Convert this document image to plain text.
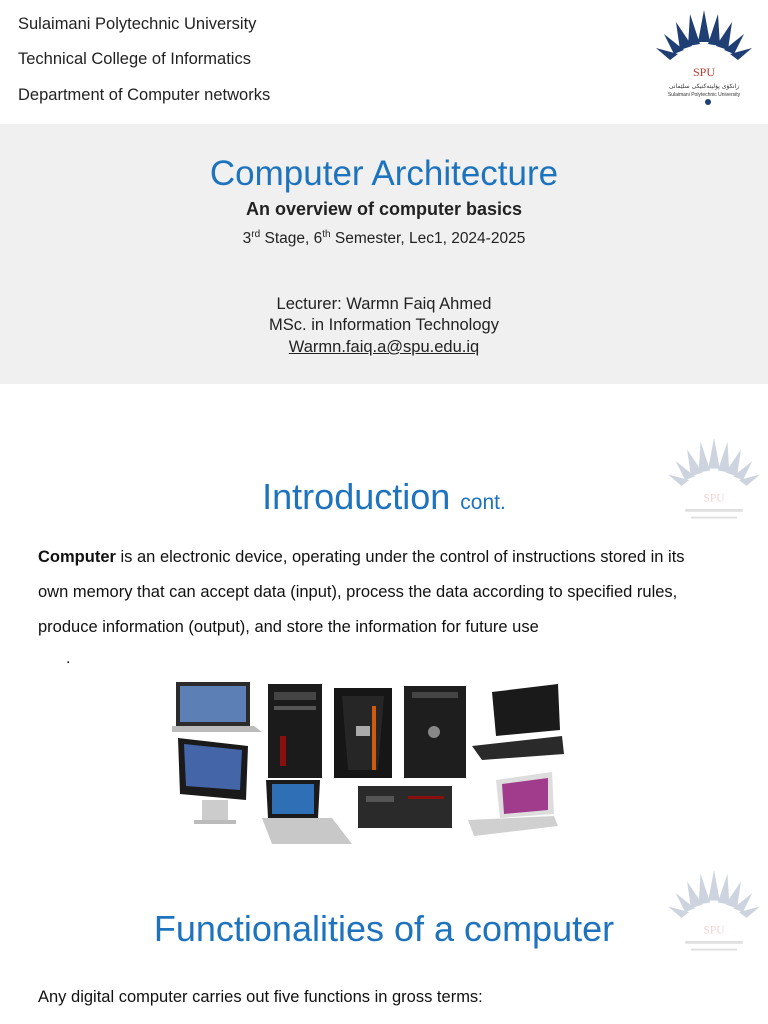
Sulaimani Polytechnic University
Technical College of Informatics
Department of Computer networks
SPU
زانكۆی پۆلیتەکنیکی سلێمانی
Sulaimani Polytechnic University
Computer Architecture
An overview of computer basics
3rd Stage, 6th Semester, Lec1, 2024-2025
Lecturer: Warmn Faiq Ahmed
MSc. in Information Technology
Warmn.faiq.a@spu.edu.iq
SPU
Introduction cont.

Computer is an electronic device, operating under the control of instructions stored in its

own memory that can accept data (input), process the data according to specified rules,

produce information (output), and store the information for future use

.
SPU
Functionalities of a computer
Any digital computer carries out five functions in gross terms:
